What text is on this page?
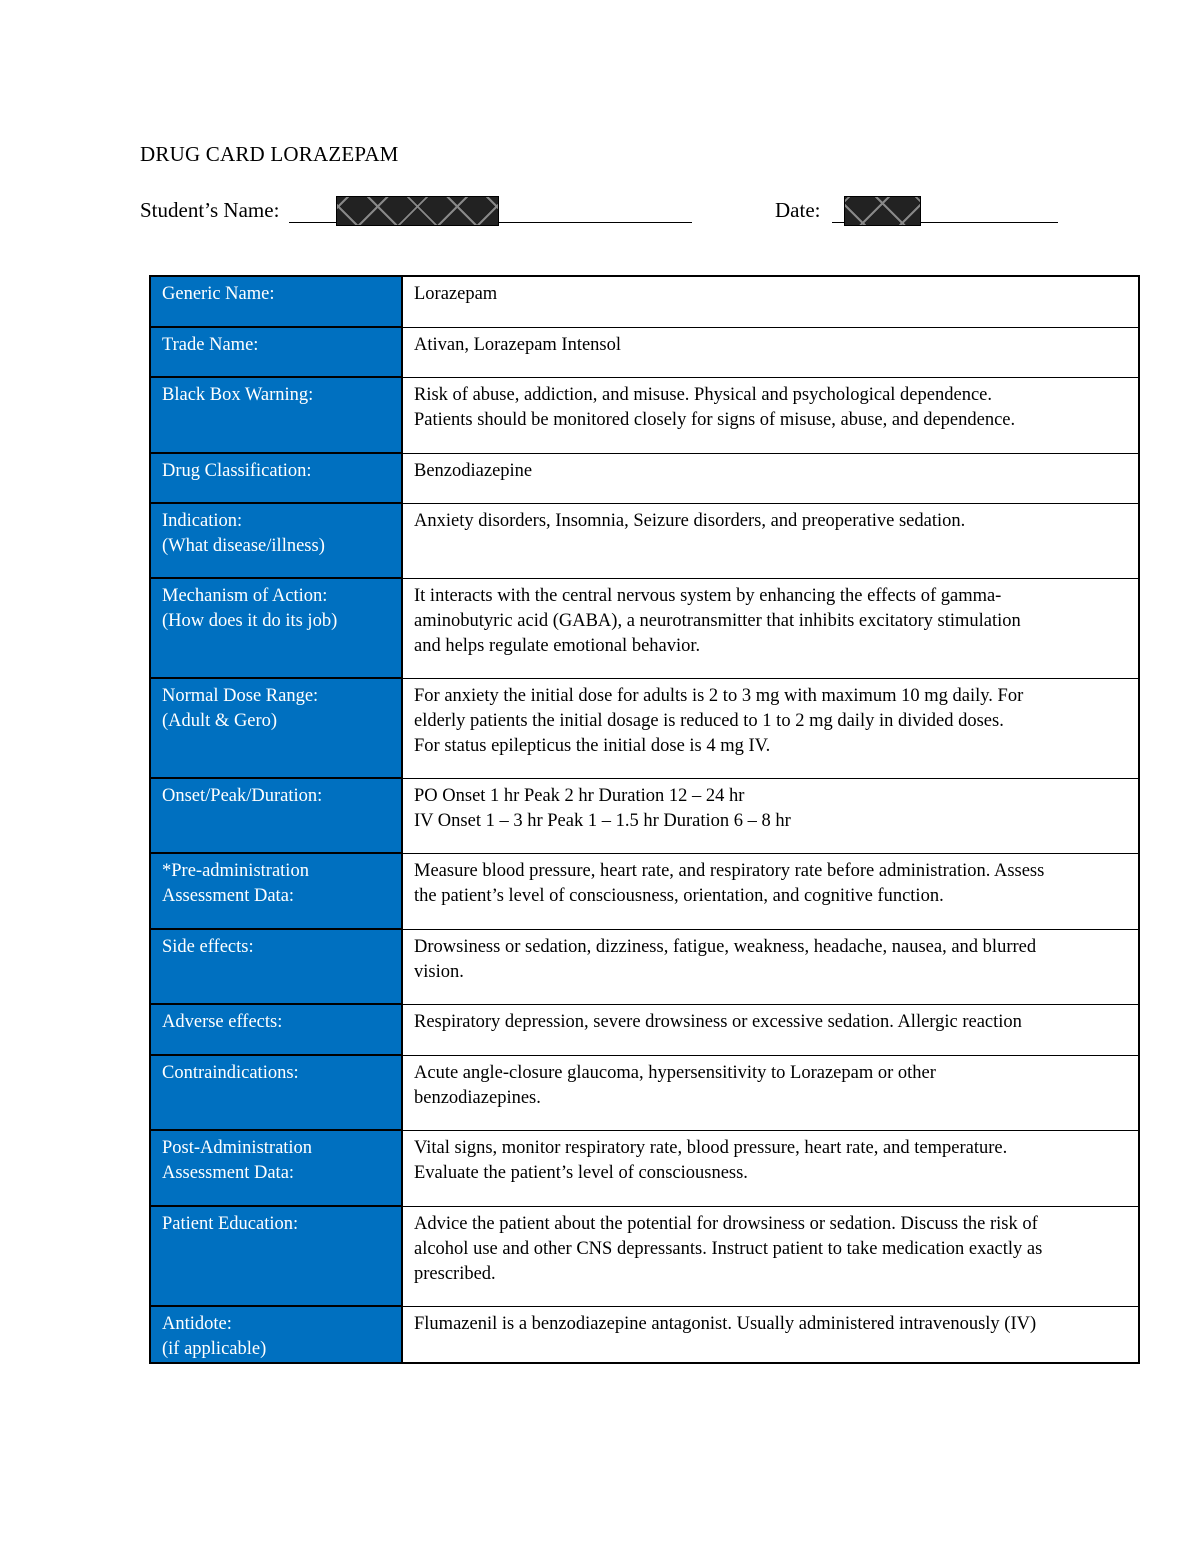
DRUG CARD LORAZEPAM
Student’s Name:	Date:
Generic Name:	Lorazepam

Trade Name:	Ativan, Lorazepam Intensol

Black Box Warning:	Risk of abuse, addiction, and misuse. Physical and psychological dependence.
Patients should be monitored closely for signs of misuse, abuse, and dependence.

Drug Classification:	Benzodiazepine

Indication:
(What disease/illness)	Anxiety disorders, Insomnia, Seizure disorders, and preoperative sedation.

Mechanism of Action:
(How does it do its job)	It interacts with the central nervous system by enhancing the effects of gamma-
aminobutyric acid (GABA), a neurotransmitter that inhibits excitatory stimulation
and helps regulate emotional behavior.

Normal Dose Range:
(Adult & Gero)	For anxiety the initial dose for adults is 2 to 3 mg with maximum 10 mg daily. For
elderly patients the initial dosage is reduced to 1 to 2 mg daily in divided doses.
For status epilepticus the initial dose is 4 mg IV.

Onset/Peak/Duration:	PO Onset 1 hr Peak 2 hr Duration 12 – 24 hr
IV Onset 1 – 3 hr Peak 1 – 1.5 hr Duration 6 – 8 hr

*Pre-administration
Assessment Data:	Measure blood pressure, heart rate, and respiratory rate before administration. Assess
the patient’s level of consciousness, orientation, and cognitive function.

Side effects:	Drowsiness or sedation, dizziness, fatigue, weakness, headache, nausea, and blurred
vision.

Adverse effects:	Respiratory depression, severe drowsiness or excessive sedation. Allergic reaction

Contraindications:	Acute angle-closure glaucoma, hypersensitivity to Lorazepam or other
benzodiazepines.

Post-Administration
Assessment Data:	Vital signs, monitor respiratory rate, blood pressure, heart rate, and temperature.
Evaluate the patient’s level of consciousness.

Patient Education:	Advice the patient about the potential for drowsiness or sedation. Discuss the risk of
alcohol use and other CNS depressants. Instruct patient to take medication exactly as
prescribed.

Antidote:
(if applicable)	Flumazenil is a benzodiazepine antagonist. Usually administered intravenously (IV)
